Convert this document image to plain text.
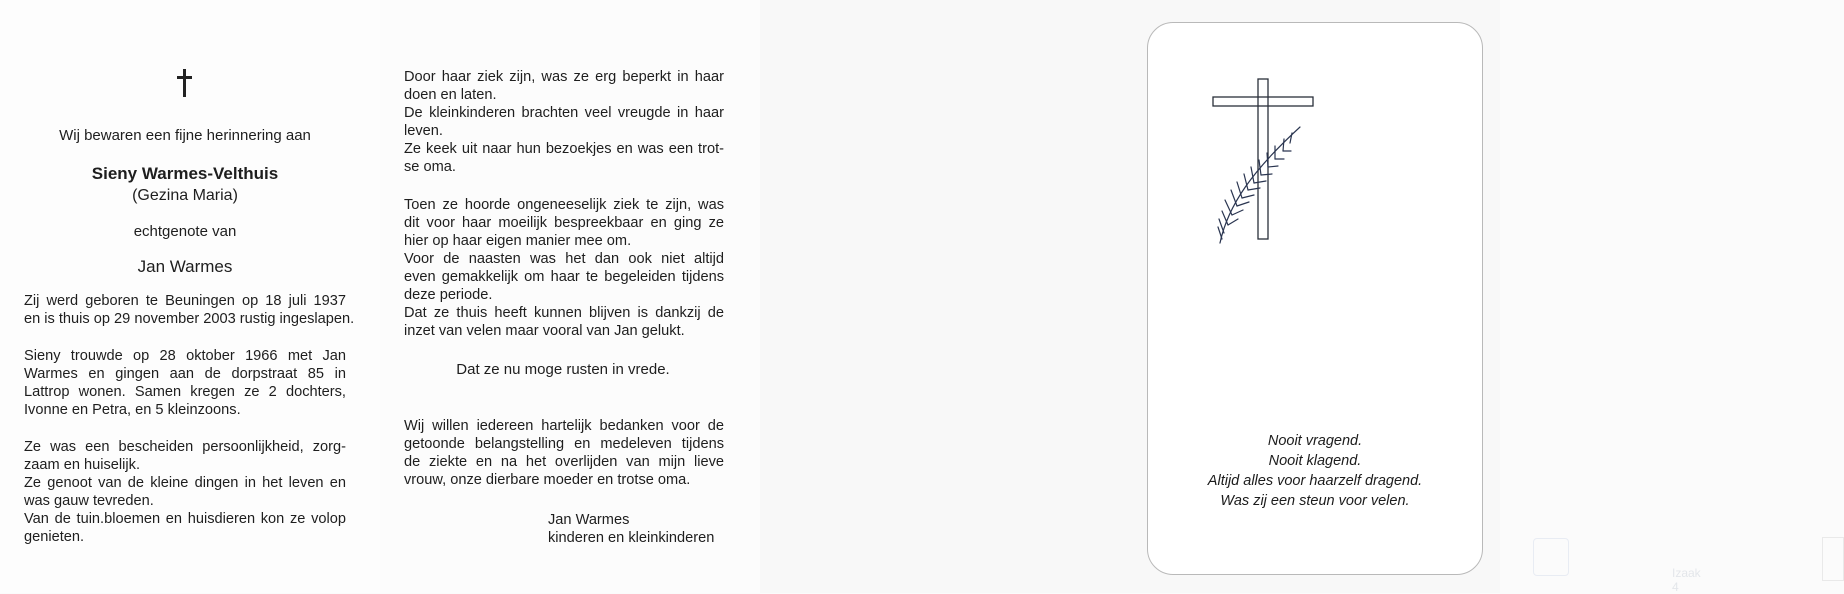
Wij bewaren een fijne herinnering aan
Sieny Warmes-Velthuis
(Gezina Maria)
echtgenote van
Jan Warmes
Zij werd geboren te Beuningen op 18 juli 1937
en is thuis op 29 november 2003 rustig ingeslapen.
Sieny trouwde op 28 oktober 1966 met Jan
Warmes en gingen aan de dorpstraat 85 in
Lattrop wonen. Samen kregen ze 2 dochters,
Ivonne en Petra, en 5 kleinzoons.
Ze was een bescheiden persoonlijkheid, zorg-
zaam en huiselijk.
Ze genoot van de kleine dingen in het leven en
was gauw tevreden.
Van de tuin.bloemen en huisdieren kon ze volop
genieten.
Door haar ziek zijn, was ze erg beperkt in haar
doen en laten.
De kleinkinderen brachten veel vreugde in haar
leven.
Ze keek uit naar hun bezoekjes en was een trot-
se oma.
Toen ze hoorde ongeneeselijk ziek te zijn, was
dit voor haar moeilijk bespreekbaar en ging ze
hier op haar eigen manier mee om.
Voor de naasten was het dan ook niet altijd
even gemakkelijk om haar te begeleiden tijdens
deze periode.
Dat ze thuis heeft kunnen blijven is dankzij de
inzet van velen maar vooral van Jan gelukt.
Dat ze nu moge rusten in vrede.
Wij willen iedereen hartelijk bedanken voor de
getoonde belangstelling en medeleven tijdens
de ziekte en na het overlijden van mijn lieve
vrouw, onze dierbare moeder en trotse oma.
Jan Warmes
kinderen en kleinkinderen
Izaak 4
Nooit vragend.
Nooit klagend.
Altijd alles voor haarzelf dragend.
Was zij een steun voor velen.
